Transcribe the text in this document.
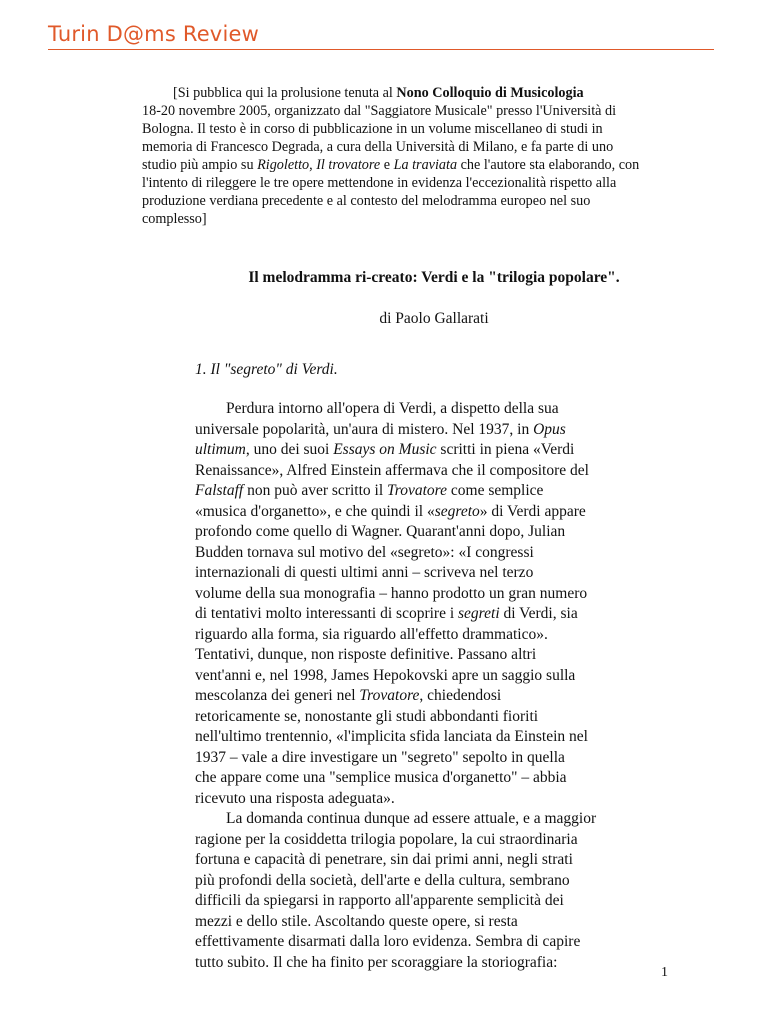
Turin D@ms Review

[Si pubblica qui la prolusione tenuta al Nono Colloquio di Musicologia
18-20 novembre 2005, organizzato dal "Saggiatore Musicale" presso l'Università di
Bologna. Il testo è in corso di pubblicazione in un volume miscellaneo di studi in
memoria di Francesco Degrada, a cura della Università di Milano, e fa parte di uno
studio più ampio su Rigoletto, Il trovatore e La traviata che l'autore sta elaborando, con
l'intento di rileggere le tre opere mettendone in evidenza l'eccezionalità rispetto alla
produzione verdiana precedente e al contesto del melodramma europeo nel suo
complesso]

Il melodramma ri-creato: Verdi e la "trilogia popolare".
di Paolo Gallarati
1. Il "segreto" di Verdi.
Perdura intorno all'opera di Verdi, a dispetto della sua
universale popolarità, un'aura di mistero. Nel 1937, in Opus
ultimum, uno dei suoi Essays on Music scritti in piena «Verdi
Renaissance», Alfred Einstein affermava che il compositore del
Falstaff non può aver scritto il Trovatore come semplice
«musica d'organetto», e che quindi il «segreto» di Verdi appare
profondo come quello di Wagner. Quarant'anni dopo, Julian
Budden tornava sul motivo del «segreto»: «I congressi
internazionali di questi ultimi anni – scriveva nel terzo
volume della sua monografia – hanno prodotto un gran numero
di tentativi molto interessanti di scoprire i segreti di Verdi, sia
riguardo alla forma, sia riguardo all'effetto drammatico».
Tentativi, dunque, non risposte definitive. Passano altri
vent'anni e, nel 1998, James Hepokovski apre un saggio sulla
mescolanza dei generi nel Trovatore, chiedendosi
retoricamente se, nonostante gli studi abbondanti fioriti
nell'ultimo trentennio, «l'implicita sfida lanciata da Einstein nel
1937 – vale a dire investigare un "segreto" sepolto in quella
che appare come una "semplice musica d'organetto" – abbia
ricevuto una risposta adeguata».
La domanda continua dunque ad essere attuale, e a maggior
ragione per la cosiddetta trilogia popolare, la cui straordinaria
fortuna e capacità di penetrare, sin dai primi anni, negli strati
più profondi della società, dell'arte e della cultura, sembrano
difficili da spiegarsi in rapporto all'apparente semplicità dei
mezzi e dello stile. Ascoltando queste opere, si resta
effettivamente disarmati dalla loro evidenza. Sembra di capire
tutto subito. Il che ha finito per scoraggiare la storiografia:
1
